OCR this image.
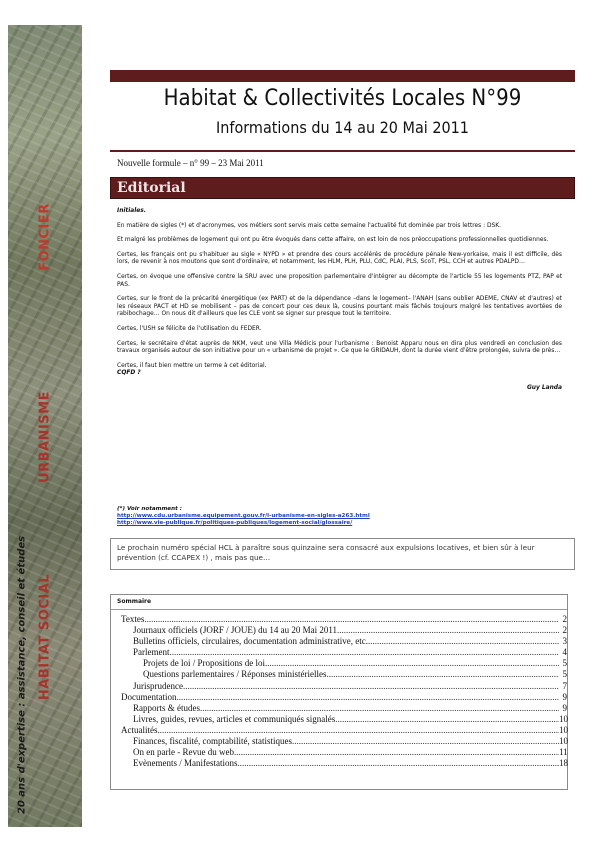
FONCIER
URBANISME
HABITAT SOCIAL
20 ans d'expertise : assistance, conseil et études
Habitat & Collectivités Locales N°99
Informations du 14 au 20 Mai 2011
Nouvelle formule – n° 99 – 23 Mai 2011
Editorial

Initiales.

En matière de sigles (*) et d'acronymes, vos métiers sont servis mais cette semaine l'actualité fut dominée par trois lettres : DSK.

Et malgré les problèmes de logement qui ont pu être évoqués dans cette affaire, on est loin de nos préoccupations professionnelles quotidiennes.

Certes, les français ont pu s'habituer au sigle « NYPD » et prendre des cours accélérés de procédure pénale New-yorkaise, mais il est difficile, dès lors, de revenir à nos moutons que sont d'ordinaire, et notamment, les HLM, PLH, PLU, CdC, PLAI, PLS, ScoT, PSL, CCH et autres PDALPD…

Certes, on évoque une offensive contre la SRU avec une proposition parlementaire d'intégrer au décompte de l'article 55 les logements PTZ, PAP et PAS.

Certes, sur le front de la précarité énergétique (ex PART) et de la dépendance –dans le logement– l'ANAH (sans oublier ADEME, CNAV et d'autres) et les réseaux PACT et HD se mobilisent – pas de concert pour ces deux là, cousins pourtant mais fâchés toujours malgré les tentatives avortées de rabibochage… On nous dit d'ailleurs que les CLE vont se signer sur presque tout le territoire.

Certes, l'USH se félicite de l'utilisation du FEDER.

Certes, le secrétaire d'état auprès de NKM, veut une Villa Médicis pour l'urbanisme : Benoist Apparu nous en dira plus vendredi en conclusion des travaux organisés autour de son initiative pour un « urbanisme de projet ». Ce que le GRIDAUH, dont la durée vient d'être prolongée, suivra de près…

Certes, il faut bien mettre un terme à cet éditorial.

CQFD ?

Guy Landa

(*) Voir notamment :
http://www.cdu.urbanisme.equipement.gouv.fr/l-urbanisme-en-sigles-a263.html
http://www.vie-publique.fr/politiques-publiques/logement-social/glossaire/
Le prochain numéro spécial HCL à paraître sous quinzaine sera consacré aux expulsions locatives, et bien sûr à leur prévention (cf. CCAPEX !) , mais pas que…
Sommaire
Textes .....	2
Journaux officiels (JORF / JOUE) du 14 au 20 Mai 2011 .....	2
Bulletins officiels, circulaires, documentation administrative, etc. .....	3
Parlement .....	4
Projets de loi / Propositions de loi .....	5
Questions parlementaires / Réponses ministérielles .....	5
Jurisprudence .....	7
Documentation .....	9
Rapports & études .....	9
Livres, guides, revues, articles et communiqués signalés .....	10
Actualités .....	10
Finances, fiscalité, comptabilité, statistiques .....	10
On en parle - Revue du web .....	11
Evènements / Manifestations .....	18
